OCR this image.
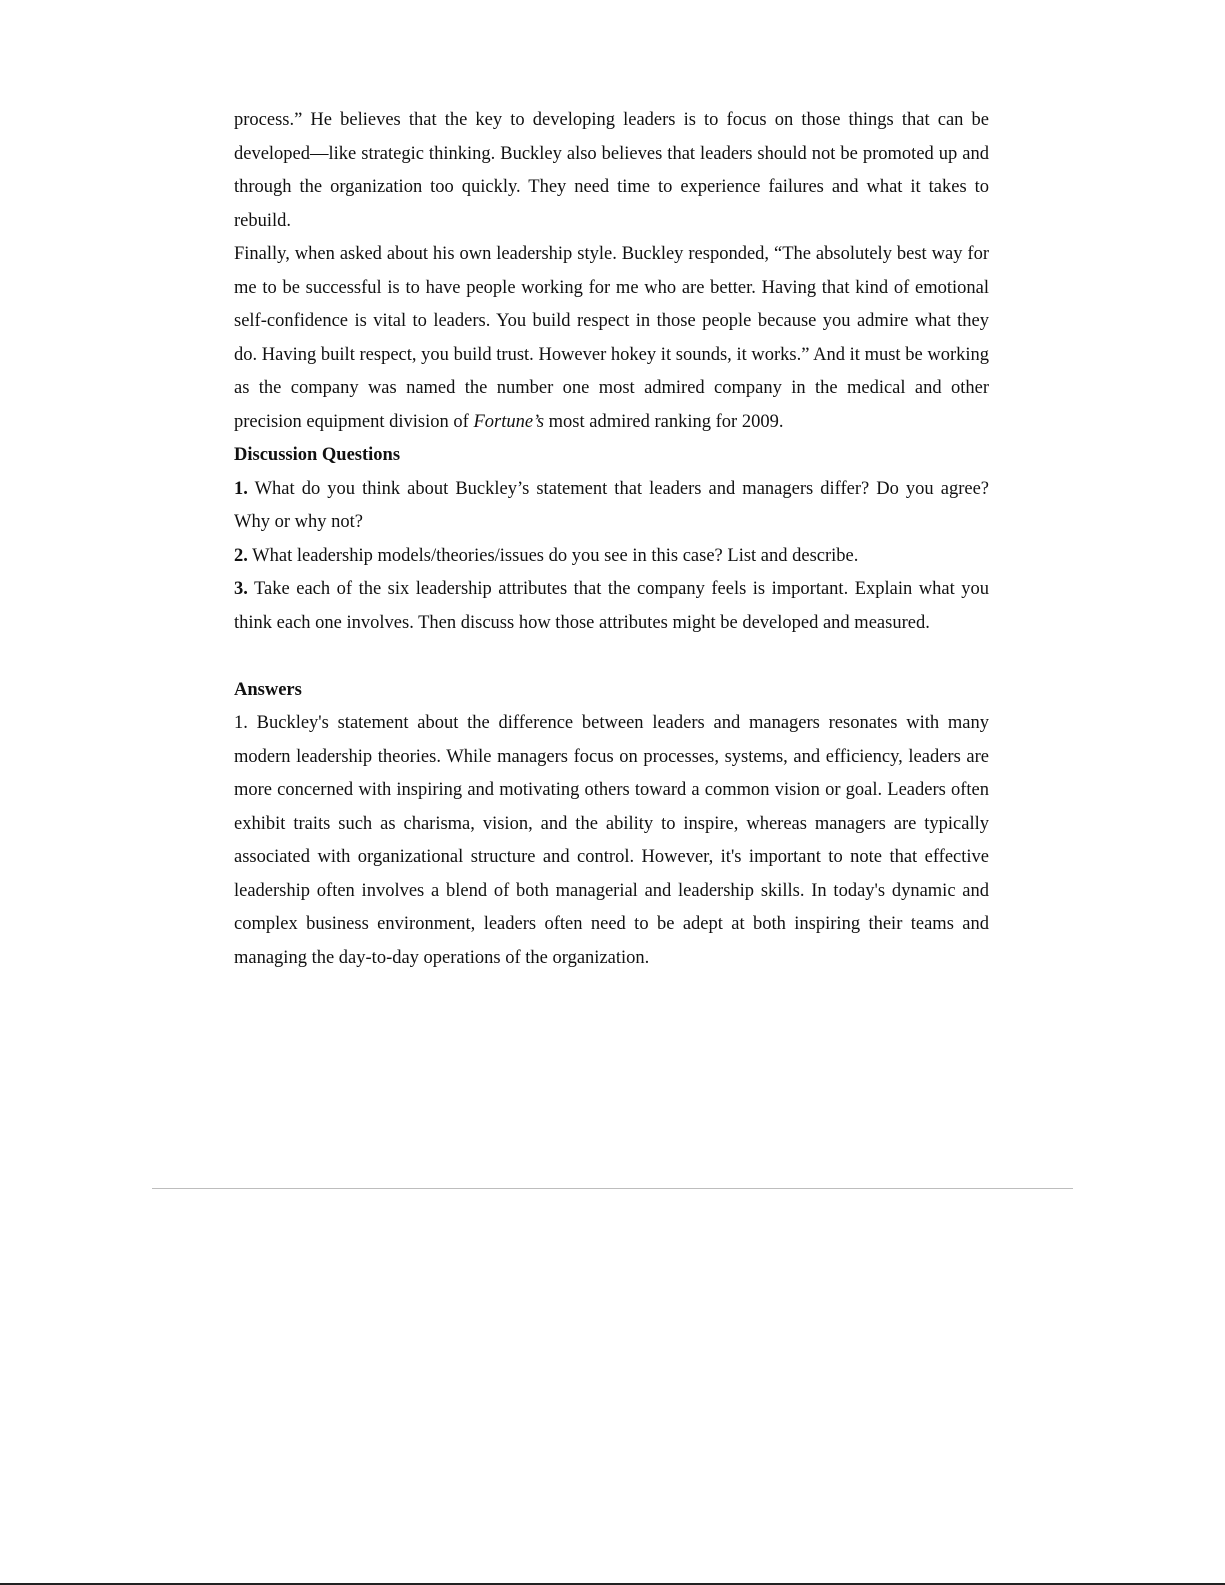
process.” He believes that the key to developing leaders is to focus on those things that can be developed—like strategic thinking. Buckley also believes that leaders should not be promoted up and through the organization too quickly. They need time to experience failures and what it takes to rebuild.

Finally, when asked about his own leadership style. Buckley responded, “The absolutely best way for me to be successful is to have people working for me who are better. Having that kind of emotional self-confidence is vital to leaders. You build respect in those people because you admire what they do. Having built respect, you build trust. However hokey it sounds, it works.” And it must be working as the company was named the number one most admired company in the medical and other precision equipment division of Fortune’s most admired ranking for 2009.

Discussion Questions

1. What do you think about Buckley’s statement that leaders and managers differ? Do you agree? Why or why not?

2. What leadership models/theories/issues do you see in this case? List and describe.

3. Take each of the six leadership attributes that the company feels is important. Explain what you think each one involves. Then discuss how those attributes might be developed and measured.

Answers

1. Buckley's statement about the difference between leaders and managers resonates with many modern leadership theories. While managers focus on processes, systems, and efficiency, leaders are more concerned with inspiring and motivating others toward a common vision or goal. Leaders often exhibit traits such as charisma, vision, and the ability to inspire, whereas managers are typically associated with organizational structure and control. However, it's important to note that effective leadership often involves a blend of both managerial and leadership skills. In today's dynamic and complex business environment, leaders often need to be adept at both inspiring their teams and managing the day-to-day operations of the organization.
